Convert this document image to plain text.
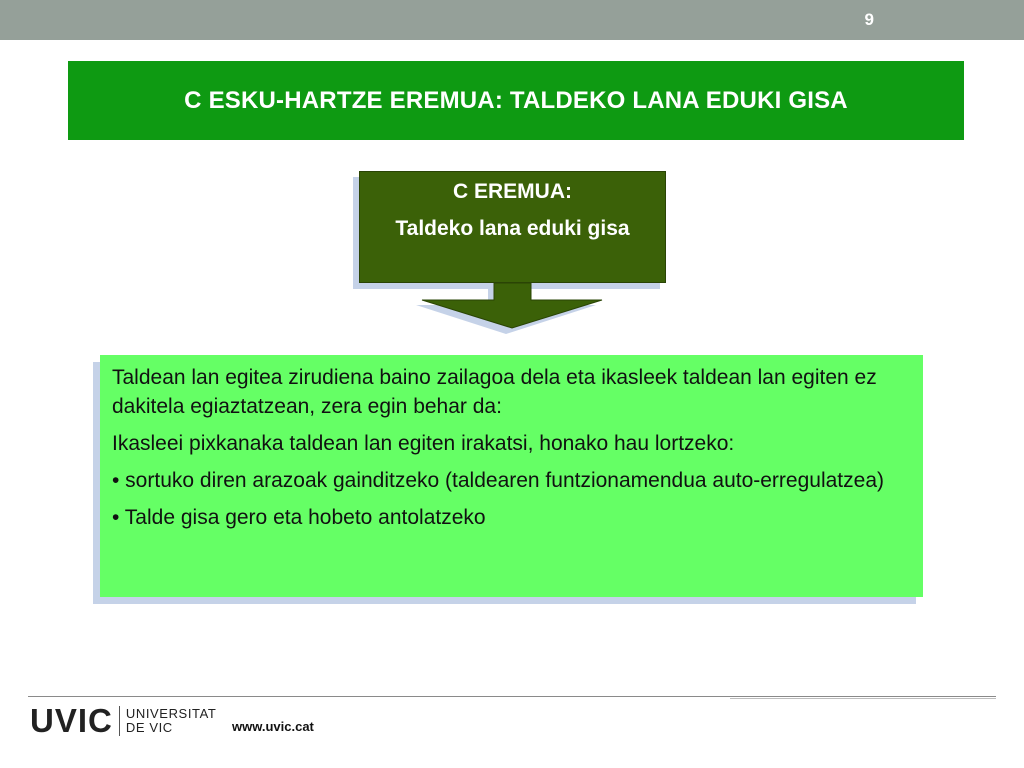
9
C ESKU-HARTZE EREMUA: TALDEKO LANA EDUKI GISA
C EREMUA:
Taldeko lana eduki gisa

Taldean lan egitea zirudiena baino zailagoa dela eta ikasleek taldean lan egiten ez dakitela egiaztatzean, zera egin behar da:

Ikasleei pixkanaka taldean lan egiten irakatsi, honako hau lortzeko:

• sortuko diren arazoak gainditzeko (taldearen funtzionamendua auto-erregulatzea)

• Talde gisa gero eta hobeto antolatzeko

UVIC UNIVERSITAT
DE VIC	www.uvic.cat
